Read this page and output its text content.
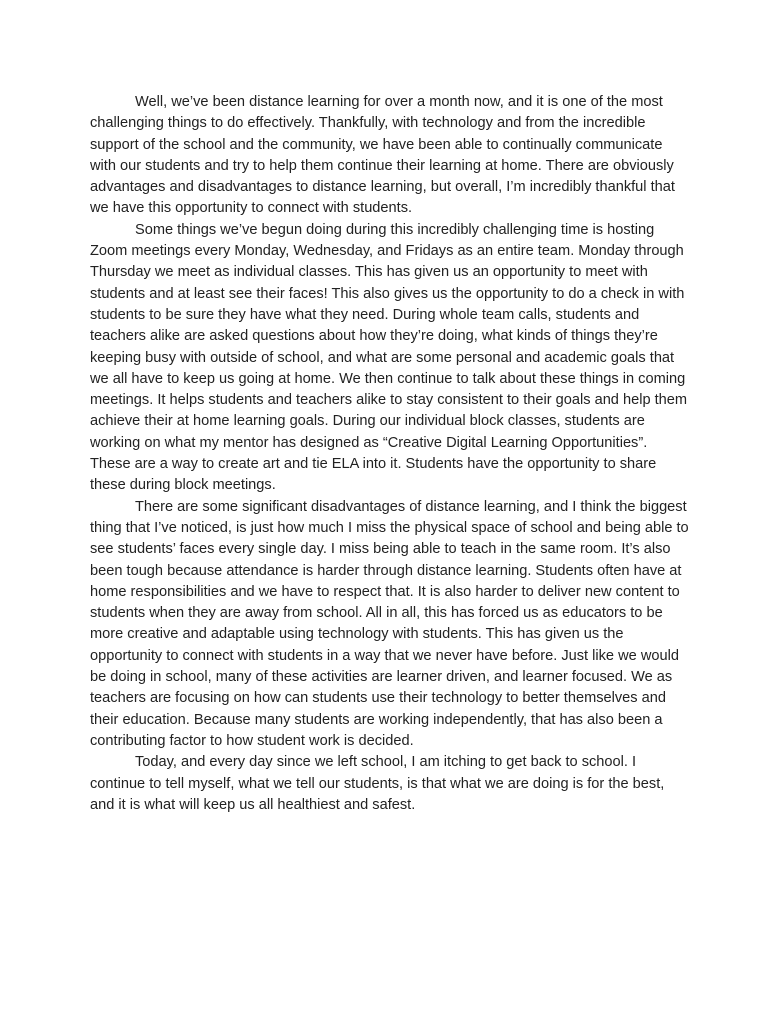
Well, we’ve been distance learning for over a month now, and it is one of the most challenging things to do effectively. Thankfully, with technology and from the incredible support of the school and the community, we have been able to continually communicate with our students and try to help them continue their learning at home. There are obviously advantages and disadvantages to distance learning, but overall, I’m incredibly thankful that we have this opportunity to connect with students.

Some things we’ve begun doing during this incredibly challenging time is hosting Zoom meetings every Monday, Wednesday, and Fridays as an entire team. Monday through Thursday we meet as individual classes. This has given us an opportunity to meet with students and at least see their faces! This also gives us the opportunity to do a check in with students to be sure they have what they need. During whole team calls, students and teachers alike are asked questions about how they’re doing, what kinds of things they’re keeping busy with outside of school, and what are some personal and academic goals that we all have to keep us going at home. We then continue to talk about these things in coming meetings. It helps students and teachers alike to stay consistent to their goals and help them achieve their at home learning goals. During our individual block classes, students are working on what my mentor has designed as “Creative Digital Learning Opportunities”. These are a way to create art and tie ELA into it. Students have the opportunity to share these during block meetings.

There are some significant disadvantages of distance learning, and I think the biggest thing that I’ve noticed, is just how much I miss the physical space of school and being able to see students’ faces every single day. I miss being able to teach in the same room. It’s also been tough because attendance is harder through distance learning. Students often have at home responsibilities and we have to respect that. It is also harder to deliver new content to students when they are away from school. All in all, this has forced us as educators to be more creative and adaptable using technology with students. This has given us the opportunity to connect with students in a way that we never have before. Just like we would be doing in school, many of these activities are learner driven, and learner focused. We as teachers are focusing on how can students use their technology to better themselves and their education. Because many students are working independently, that has also been a contributing factor to how student work is decided.

Today, and every day since we left school, I am itching to get back to school. I continue to tell myself, what we tell our students, is that what we are doing is for the best, and it is what will keep us all healthiest and safest.
